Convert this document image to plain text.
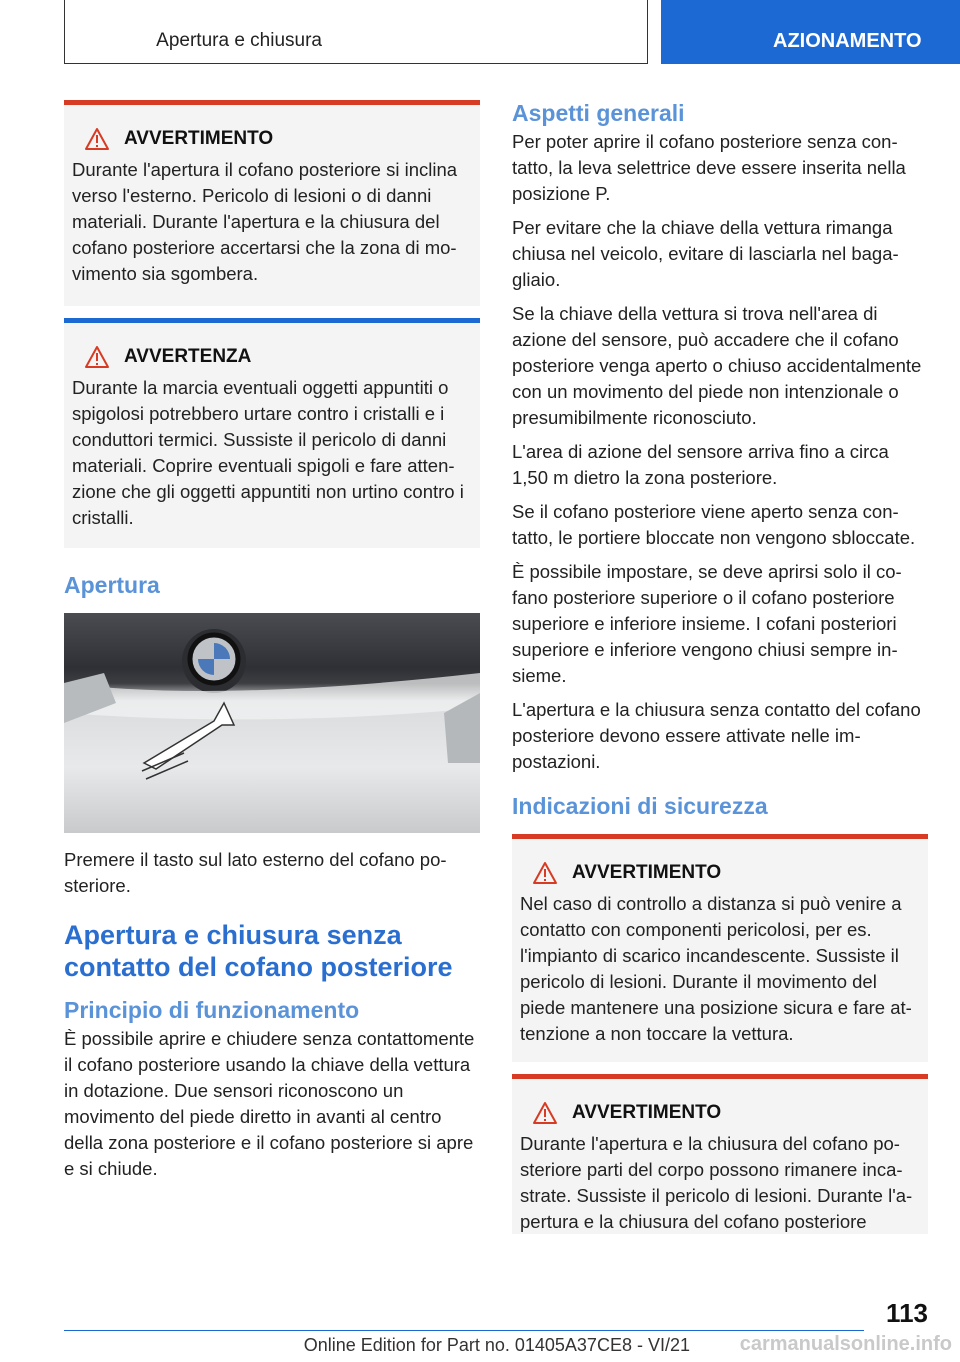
Apertura e chiusura	AZIONAMENTO
AVVERTIMENTO

Durante l'apertura il cofano posteriore si inclina verso l'esterno. Pericolo di lesioni o di danni materiali. Durante l'apertura e la chiusura del cofano posteriore accertarsi che la zona di movimento sia sgombera.

AVVERTENZA

Durante la marcia eventuali oggetti appuntiti o spigolosi potrebbero urtare contro i cristalli e i conduttori termici. Sussiste il pericolo di danni materiali. Coprire eventuali spigoli e fare attenzione che gli oggetti appuntiti non urtino contro i cristalli.

Apertura

Premere il tasto sul lato esterno del cofano posteriore.

Apertura e chiusura senza contatto del cofano posteriore
Principio di funzionamento

È possibile aprire e chiudere senza contattomente il cofano posteriore usando la chiave della vettura in dotazione. Due sensori riconoscono un movimento del piede diretto in avanti al centro della zona posteriore e il cofano posteriore si apre e si chiude.

Aspetti generali

Per poter aprire il cofano posteriore senza contatto, la leva selettrice deve essere inserita nella posizione P.

Per evitare che la chiave della vettura rimanga chiusa nel veicolo, evitare di lasciarla nel bagagliaio.

Se la chiave della vettura si trova nell'area di azione del sensore, può accadere che il cofano posteriore venga aperto o chiuso accidentalmente con un movimento del piede non intenzionale o presumibilmente riconosciuto.

L'area di azione del sensore arriva fino a circa 1,50 m dietro la zona posteriore.

Se il cofano posteriore viene aperto senza contatto, le portiere bloccate non vengono sbloccate.

È possibile impostare, se deve aprirsi solo il cofano posteriore superiore o il cofano posteriore superiore e inferiore insieme. I cofani posteriori superiore e inferiore vengono chiusi sempre insieme.

L'apertura e la chiusura senza contatto del cofano posteriore devono essere attivate nelle impostazioni.

Indicazioni di sicurezza
AVVERTIMENTO

Nel caso di controllo a distanza si può venire a contatto con componenti pericolosi, per es. l'impianto di scarico incandescente. Sussiste il pericolo di lesioni. Durante il movimento del piede mantenere una posizione sicura e fare attenzione a non toccare la vettura.

AVVERTIMENTO

Durante l'apertura e la chiusura del cofano posteriore parti del corpo possono rimanere incastrate. Sussiste il pericolo di lesioni. Durante l'apertura e la chiusura del cofano posteriore

113
Online Edition for Part no. 01405A37CE8 - VI/21 carmanualsonline.info
